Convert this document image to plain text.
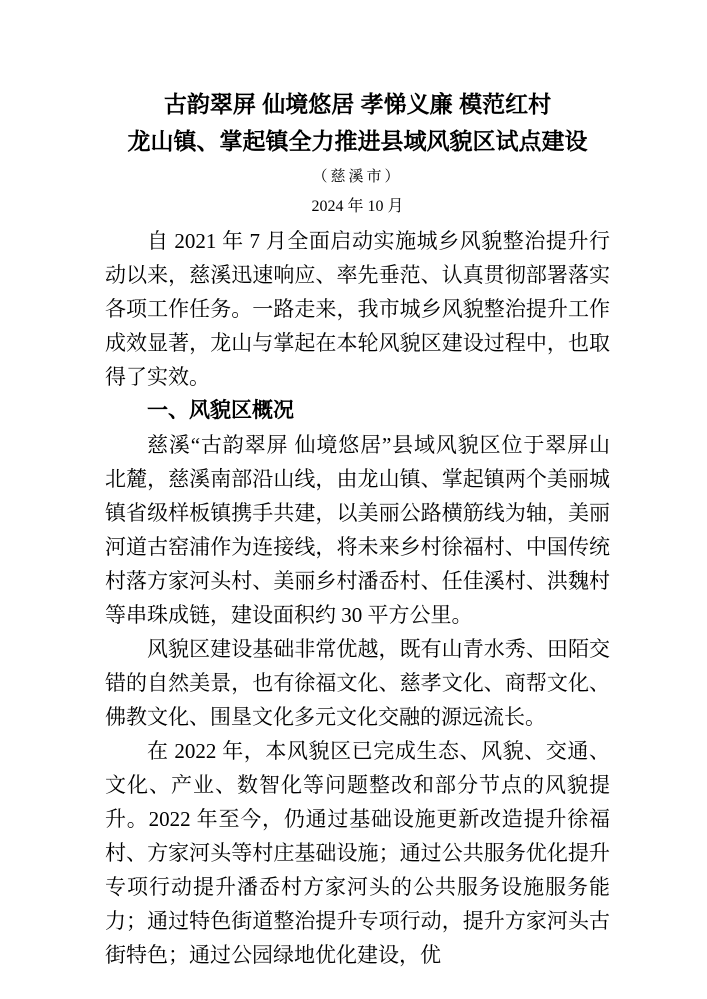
古韵翠屏 仙境悠居 孝悌义廉 模范红村
龙山镇、掌起镇全力推进县域风貌区试点建设
（慈溪市）
2024 年 10 月

自 2021 年 7 月全面启动实施城乡风貌整治提升行动以来，慈溪迅速响应、率先垂范、认真贯彻部署落实各项工作任务。一路走来，我市城乡风貌整治提升工作成效显著，龙山与掌起在本轮风貌区建设过程中，也取得了实效。

一、风貌区概况

慈溪“古韵翠屏 仙境悠居”县域风貌区位于翠屏山北麓，慈溪南部沿山线，由龙山镇、掌起镇两个美丽城镇省级样板镇携手共建，以美丽公路横筋线为轴，美丽河道古窑浦作为连接线，将未来乡村徐福村、中国传统村落方家河头村、美丽乡村潘岙村、任佳溪村、洪魏村等串珠成链，建设面积约 30 平方公里。

风貌区建设基础非常优越，既有山青水秀、田陌交错的自然美景，也有徐福文化、慈孝文化、商帮文化、佛教文化、围垦文化多元文化交融的源远流长。

在 2022 年，本风貌区已完成生态、风貌、交通、文化、产业、数智化等问题整改和部分节点的风貌提升。2022 年至今，仍通过基础设施更新改造提升徐福村、方家河头等村庄基础设施；通过公共服务优化提升专项行动提升潘岙村方家河头的公共服务设施服务能力；通过特色街道整治提升专项行动，提升方家河头古街特色；通过公园绿地优化建设，优
